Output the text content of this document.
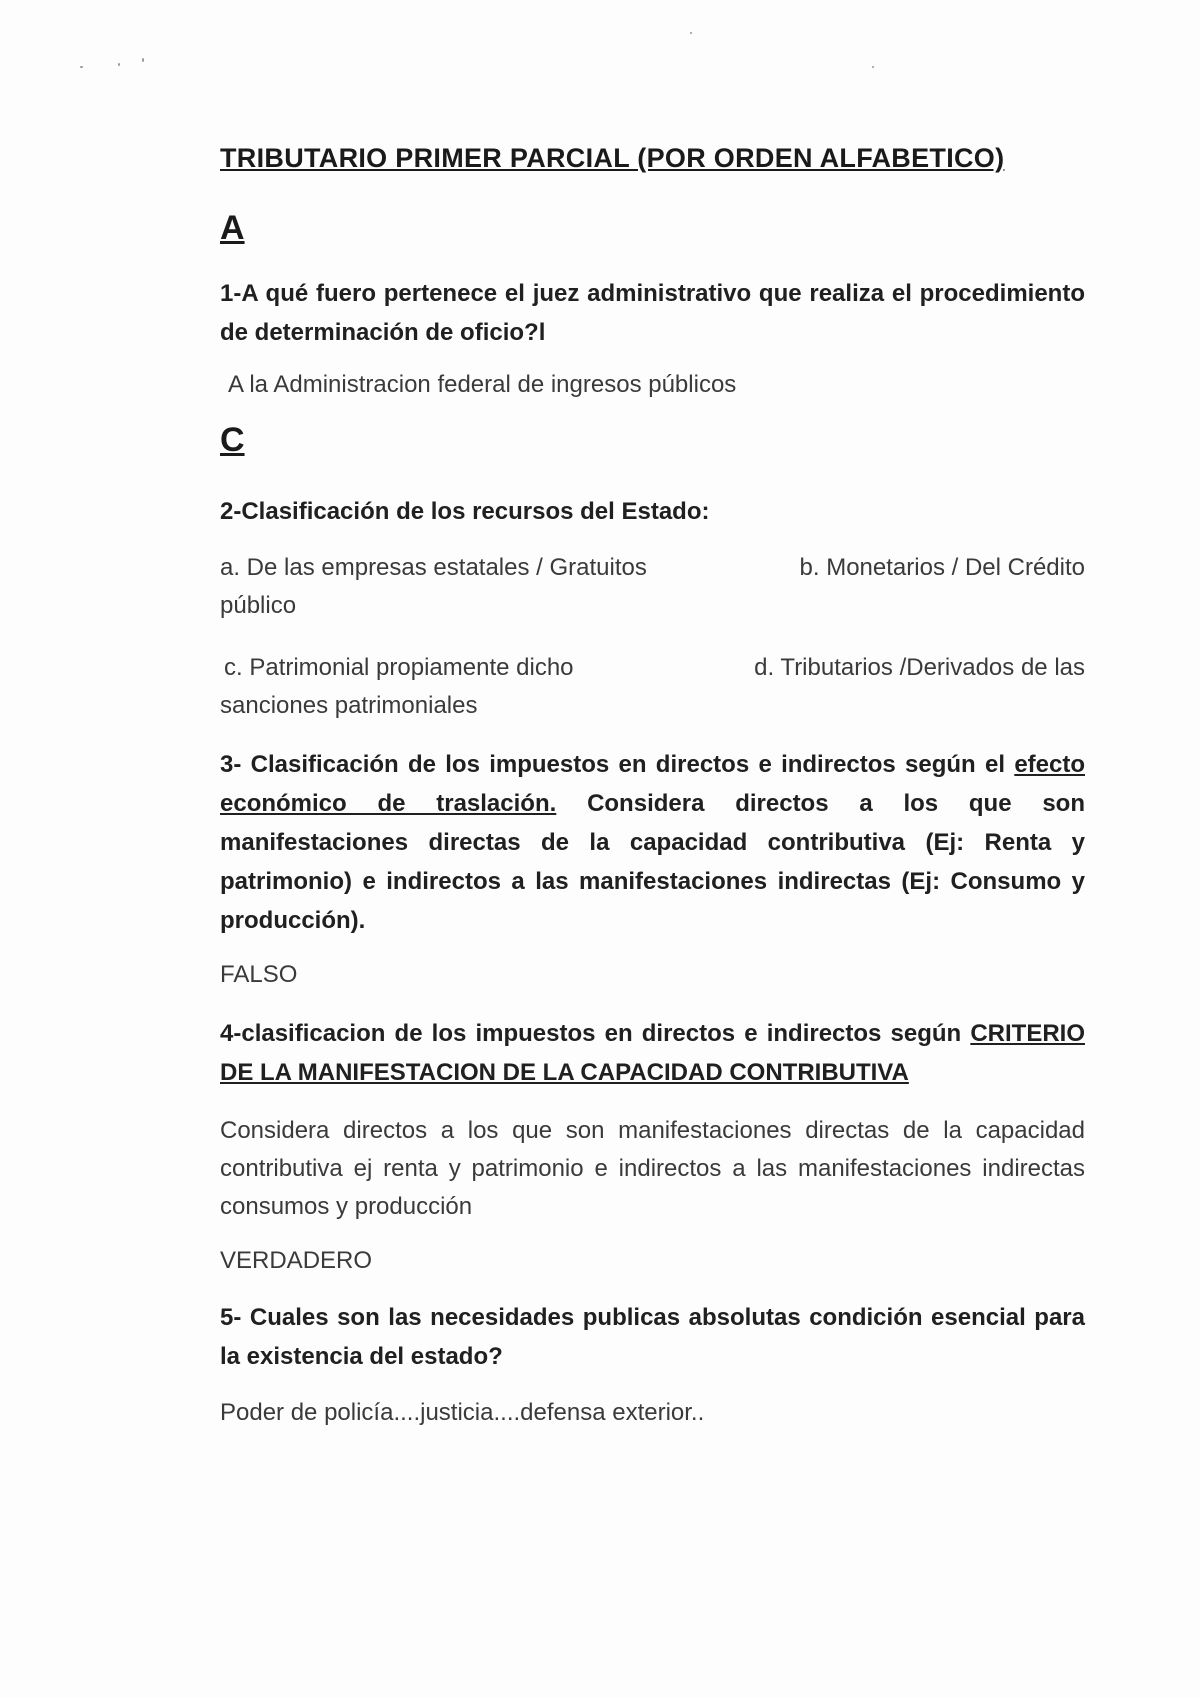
TRIBUTARIO PRIMER PARCIAL (POR ORDEN ALFABETICO)
A

1-A qué fuero pertenece el juez administrativo que realiza el procedimiento de determinación de oficio?l

A la Administracion federal de ingresos públicos

C

2-Clasificación de los recursos del Estado:

a. De las empresas estatales / Gratuitos	b. Monetarios / Del Crédito
público
c. Patrimonial propiamente dicho	d. Tributarios /Derivados de las
sanciones patrimoniales

3- Clasificación de los impuestos en directos e indirectos según el efecto económico de traslación. Considera directos a los que son manifestaciones directas de la capacidad contributiva (Ej: Renta y patrimonio) e indirectos a las manifestaciones indirectas (Ej: Consumo y producción).

FALSO

4-clasificacion de los impuestos en directos e indirectos según CRITERIO DE LA MANIFESTACION DE LA CAPACIDAD CONTRIBUTIVA

Considera directos a los que son manifestaciones directas de la capacidad contributiva ej renta y patrimonio e indirectos a las manifestaciones indirectas consumos y producción

VERDADERO

5- Cuales son las necesidades publicas absolutas condición esencial para la existencia del estado?

Poder de policía....justicia....defensa exterior..
